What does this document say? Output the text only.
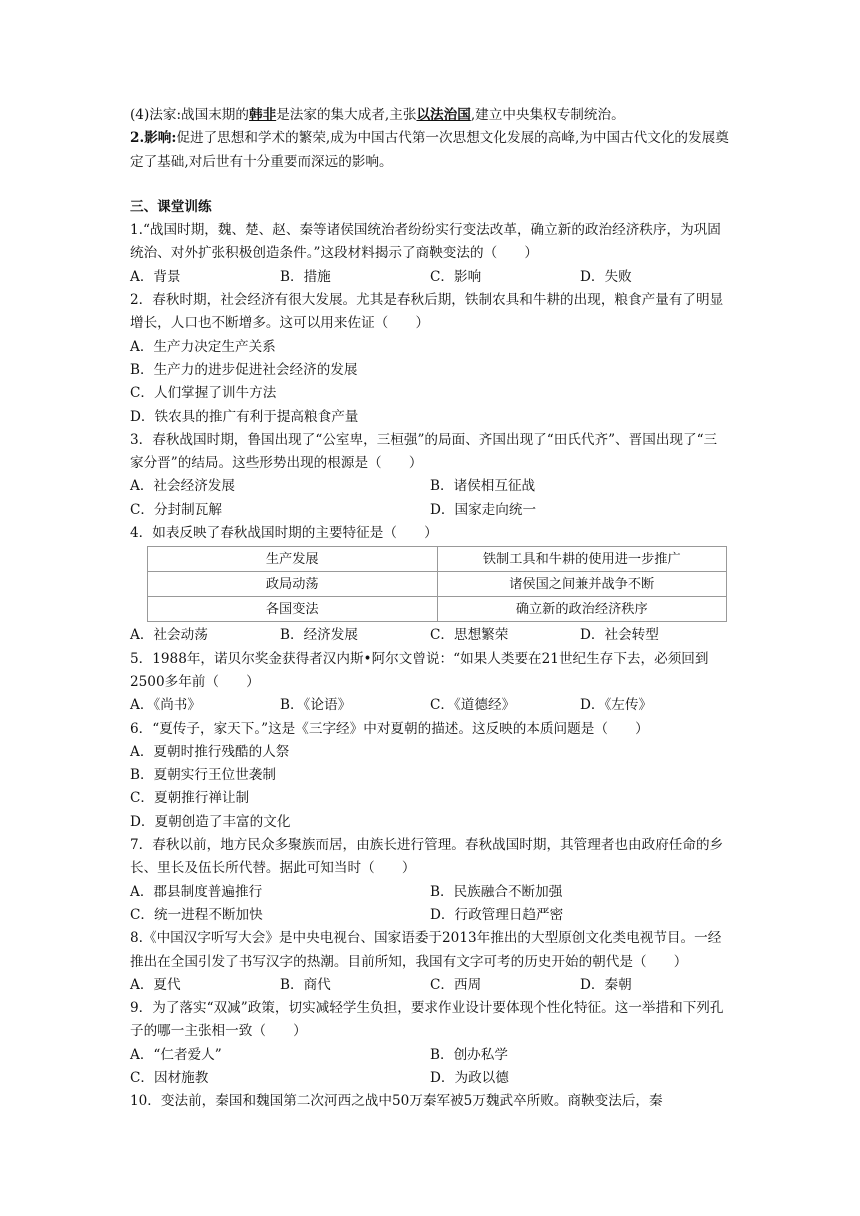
(4)法家:战国末期的韩非是法家的集大成者,主张以法治国,建立中央集权专制统治。

2.影响:促进了思想和学术的繁荣,成为中国古代第一次思想文化发展的高峰,为中国古代文化的发展奠定了基础,对后世有十分重要而深远的影响。

三、课堂训练

1.“战国时期，魏、楚、赵、秦等诸侯国统治者纷纷实行变法改革，确立新的政治经济秩序，为巩固统治、对外扩张积极创造条件。”这段材料揭示了商鞅变法的（　　）

A．背景	B．措施	C．影响	D．失败

2．春秋时期，社会经济有很大发展。尤其是春秋后期，铁制农具和牛耕的出现，粮食产量有了明显增长，人口也不断增多。这可以用来佐证（　　）

A．生产力决定生产关系

B．生产力的进步促进社会经济的发展

C．人们掌握了训牛方法

D．铁农具的推广有利于提高粮食产量

3．春秋战国时期，鲁国出现了“公室卑，三桓强”的局面、齐国出现了“田氏代齐”、晋国出现了“三家分晋”的结局。这些形势出现的根源是（　　）

A．社会经济发展	B．诸侯相互征战
C．分封制瓦解	D．国家走向统一

4．如表反映了春秋战国时期的主要特征是（　　）

生产发展	铁制工具和牛耕的使用进一步推广
政局动荡	诸侯国之间兼并战争不断
各国变法	确立新的政治经济秩序
A．社会动荡	B．经济发展	C．思想繁荣	D．社会转型

5．1988年，诺贝尔奖金获得者汉内斯•阿尔文曾说：“如果人类要在21世纪生存下去，必须回到2500多年前（　　）

A．《尚书》	B．《论语》	C．《道德经》	D．《左传》

6．“夏传子，家天下。”这是《三字经》中对夏朝的描述。这反映的本质问题是（　　）

A．夏朝时推行残酷的人祭

B．夏朝实行王位世袭制

C．夏朝推行禅让制

D．夏朝创造了丰富的文化

7．春秋以前，地方民众多聚族而居，由族长进行管理。春秋战国时期，其管理者也由政府任命的乡长、里长及伍长所代替。据此可知当时（　　）

A．郡县制度普遍推行	B．民族融合不断加强
C．统一进程不断加快	D．行政管理日趋严密

8.《中国汉字听写大会》是中央电视台、国家语委于2013年推出的大型原创文化类电视节目。一经推出在全国引发了书写汉字的热潮。目前所知，我国有文字可考的历史开始的朝代是（　　）

A．夏代	B．商代	C．西周	D．秦朝

9．为了落实“双减”政策，切实减轻学生负担，要求作业设计要体现个性化特征。这一举措和下列孔子的哪一主张相一致（　　）

A．“仁者爱人”	B．创办私学
C．因材施教	D．为政以德

10．变法前，秦国和魏国第二次河西之战中50万秦军被5万魏武卒所败。商鞅变法后，秦
